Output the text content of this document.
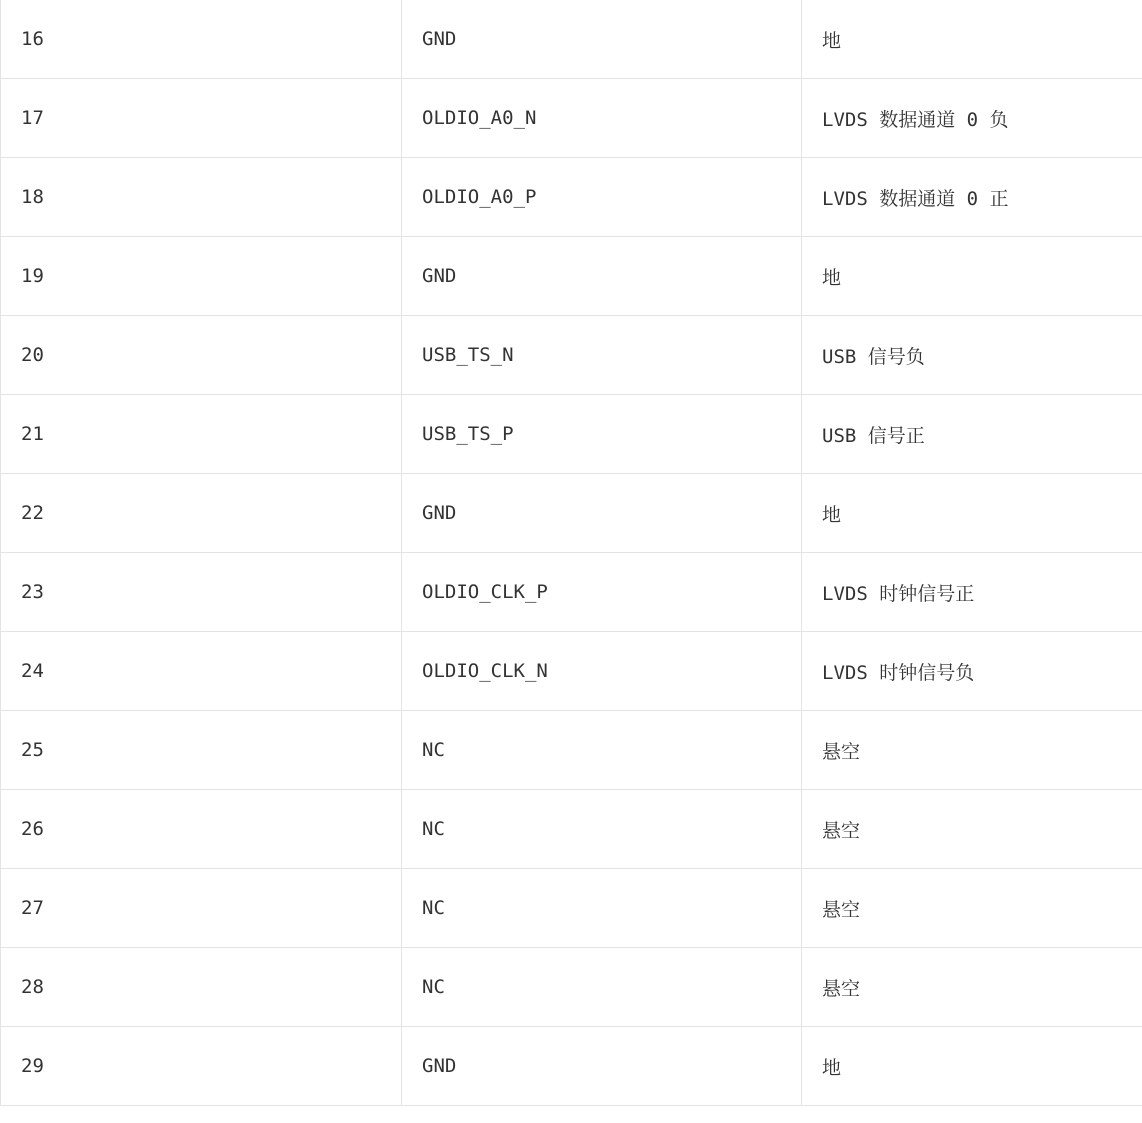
16	GND	地
17	OLDIO_A0_N	LVDS 数据通道 0 负
18	OLDIO_A0_P	LVDS 数据通道 0 正
19	GND	地
20	USB_TS_N	USB 信号负
21	USB_TS_P	USB 信号正
22	GND	地
23	OLDIO_CLK_P	LVDS 时钟信号正
24	OLDIO_CLK_N	LVDS 时钟信号负
25	NC	悬空
26	NC	悬空
27	NC	悬空
28	NC	悬空
29	GND	地
